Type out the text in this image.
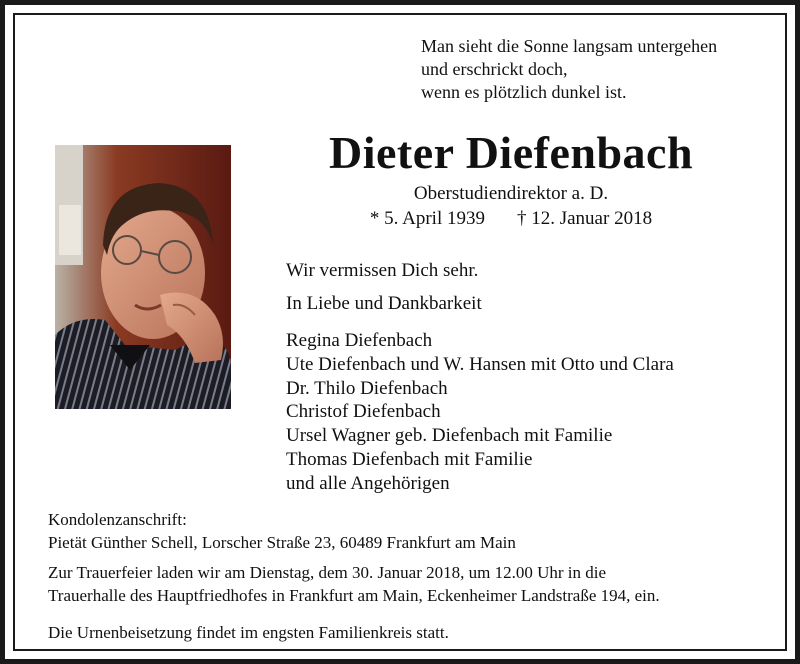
Man sieht die Sonne langsam untergehen
und erschrickt doch,
wenn es plötzlich dunkel ist.
Dieter Diefenbach
Oberstudiendirektor a. D.
* 5. April 1939 † 12. Januar 2018
Wir vermissen Dich sehr.
In Liebe und Dankbarkeit
Regina Diefenbach
Ute Diefenbach und W. Hansen mit Otto und Clara
Dr. Thilo Diefenbach
Christof Diefenbach
Ursel Wagner geb. Diefenbach mit Familie
Thomas Diefenbach mit Familie
und alle Angehörigen
Kondolenzanschrift:
Pietät Günther Schell, Lorscher Straße 23, 60489 Frankfurt am Main
Zur Trauerfeier laden wir am Dienstag, dem 30. Januar 2018, um 12.00 Uhr in die
Trauerhalle des Hauptfriedhofes in Frankfurt am Main, Eckenheimer Landstraße 194, ein.
Die Urnenbeisetzung findet im engsten Familienkreis statt.
